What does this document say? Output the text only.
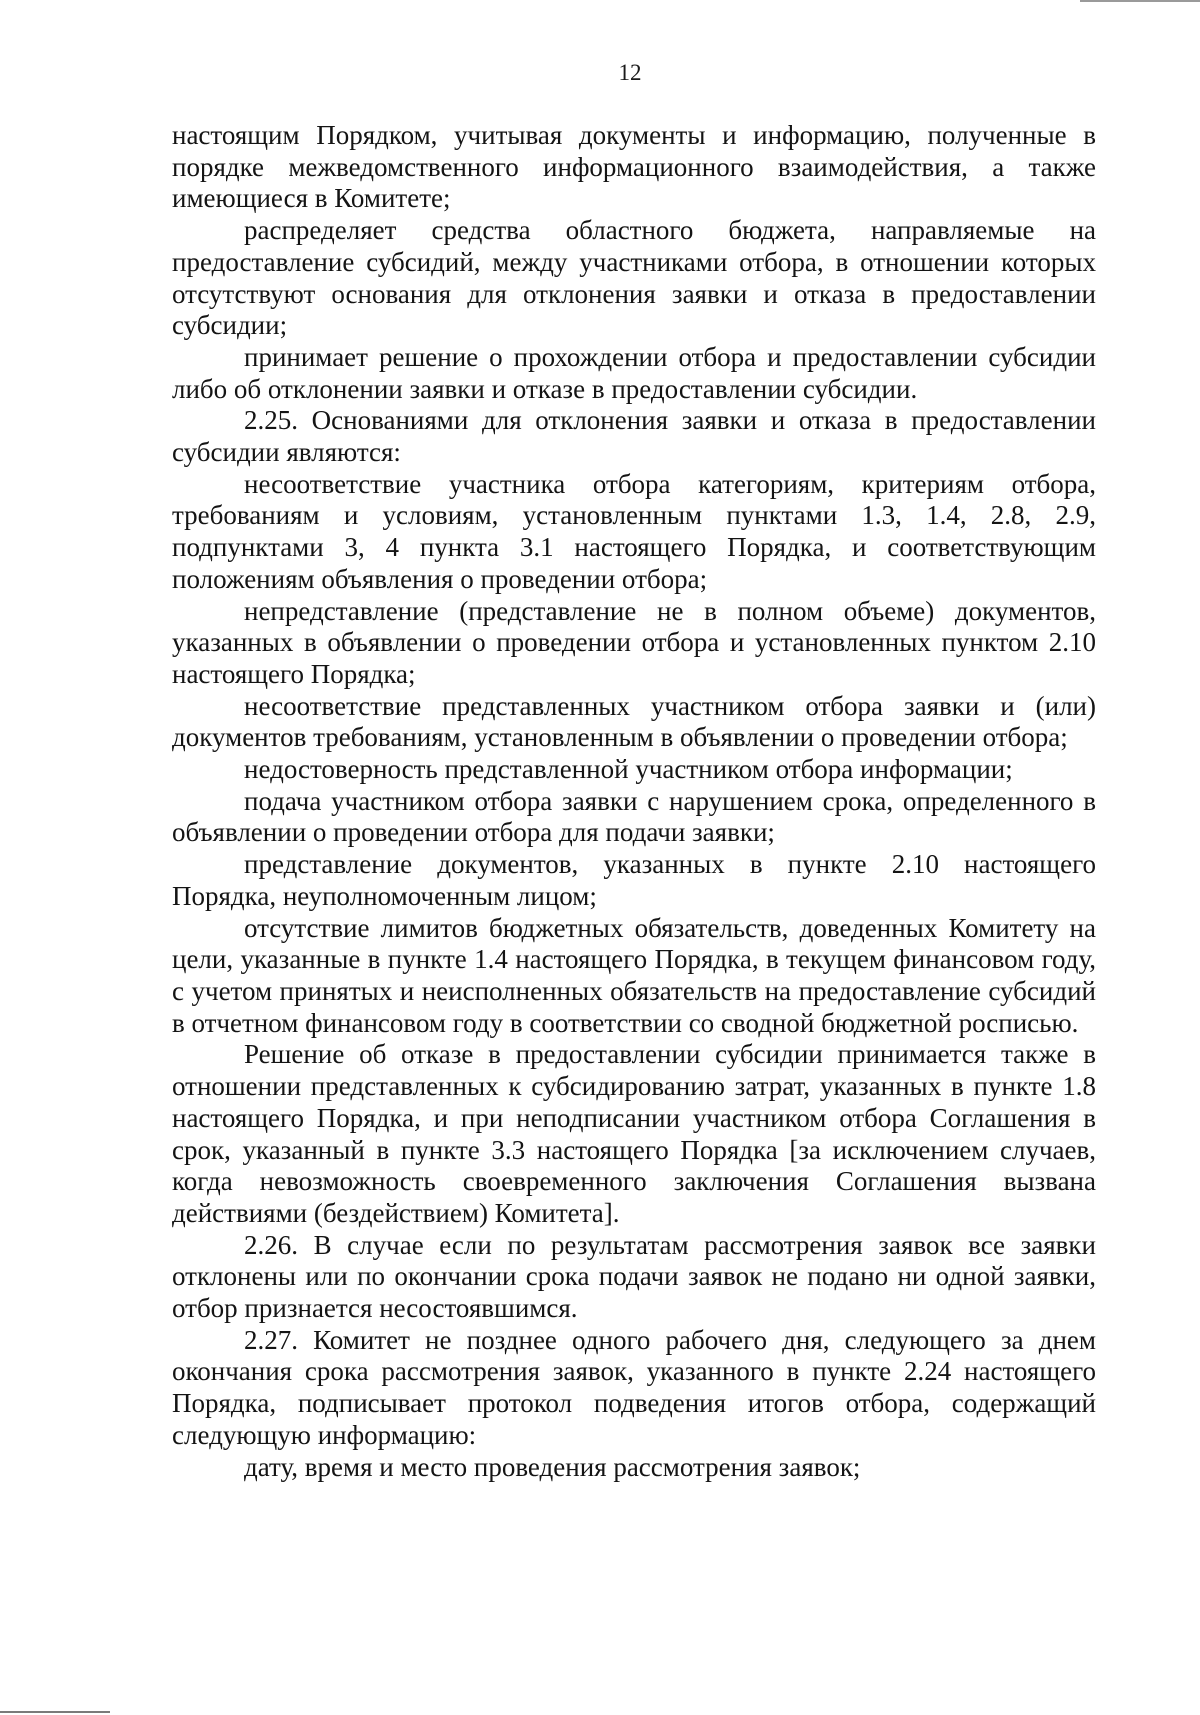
12

настоящим Порядком, учитывая документы и информацию, полученные в порядке межведомственного информационного взаимодействия, а также имеющиеся в Комитете;

распределяет средства областного бюджета, направляемые на предоставление субсидий, между участниками отбора, в отношении которых отсутствуют основания для отклонения заявки и отказа в предоставлении субсидии;

принимает решение о прохождении отбора и предоставлении субсидии либо об отклонении заявки и отказе в предоставлении субсидии.

2.25. Основаниями для отклонения заявки и отказа в предоставлении субсидии являются:

несоответствие участника отбора категориям, критериям отбора, требованиям и условиям, установленным пунктами 1.3, 1.4, 2.8, 2.9, подпунктами 3, 4 пункта 3.1 настоящего Порядка, и соответствующим положениям объявления о проведении отбора;

непредставление (представление не в полном объеме) документов, указанных в объявлении о проведении отбора и установленных пунктом 2.10 настоящего Порядка;

несоответствие представленных участником отбора заявки и (или) документов требованиям, установленным в объявлении о проведении отбора;

недостоверность представленной участником отбора информации;

подача участником отбора заявки с нарушением срока, определенного в объявлении о проведении отбора для подачи заявки;

представление документов, указанных в пункте 2.10 настоящего Порядка, неуполномоченным лицом;

отсутствие лимитов бюджетных обязательств, доведенных Комитету на цели, указанные в пункте 1.4 настоящего Порядка, в текущем финансовом году, с учетом принятых и неисполненных обязательств на предоставление субсидий в отчетном финансовом году в соответствии со сводной бюджетной росписью.

Решение об отказе в предоставлении субсидии принимается также в отношении представленных к субсидированию затрат, указанных в пункте 1.8 настоящего Порядка, и при неподписании участником отбора Соглашения в срок, указанный в пункте 3.3 настоящего Порядка [за исключением случаев, когда невозможность своевременного заключения Соглашения вызвана действиями (бездействием) Комитета].

2.26. В случае если по результатам рассмотрения заявок все заявки отклонены или по окончании срока подачи заявок не подано ни одной заявки, отбор признается несостоявшимся.

2.27. Комитет не позднее одного рабочего дня, следующего за днем окончания срока рассмотрения заявок, указанного в пункте 2.24 настоящего Порядка, подписывает протокол подведения итогов отбора, содержащий следующую информацию:

дату, время и место проведения рассмотрения заявок;
